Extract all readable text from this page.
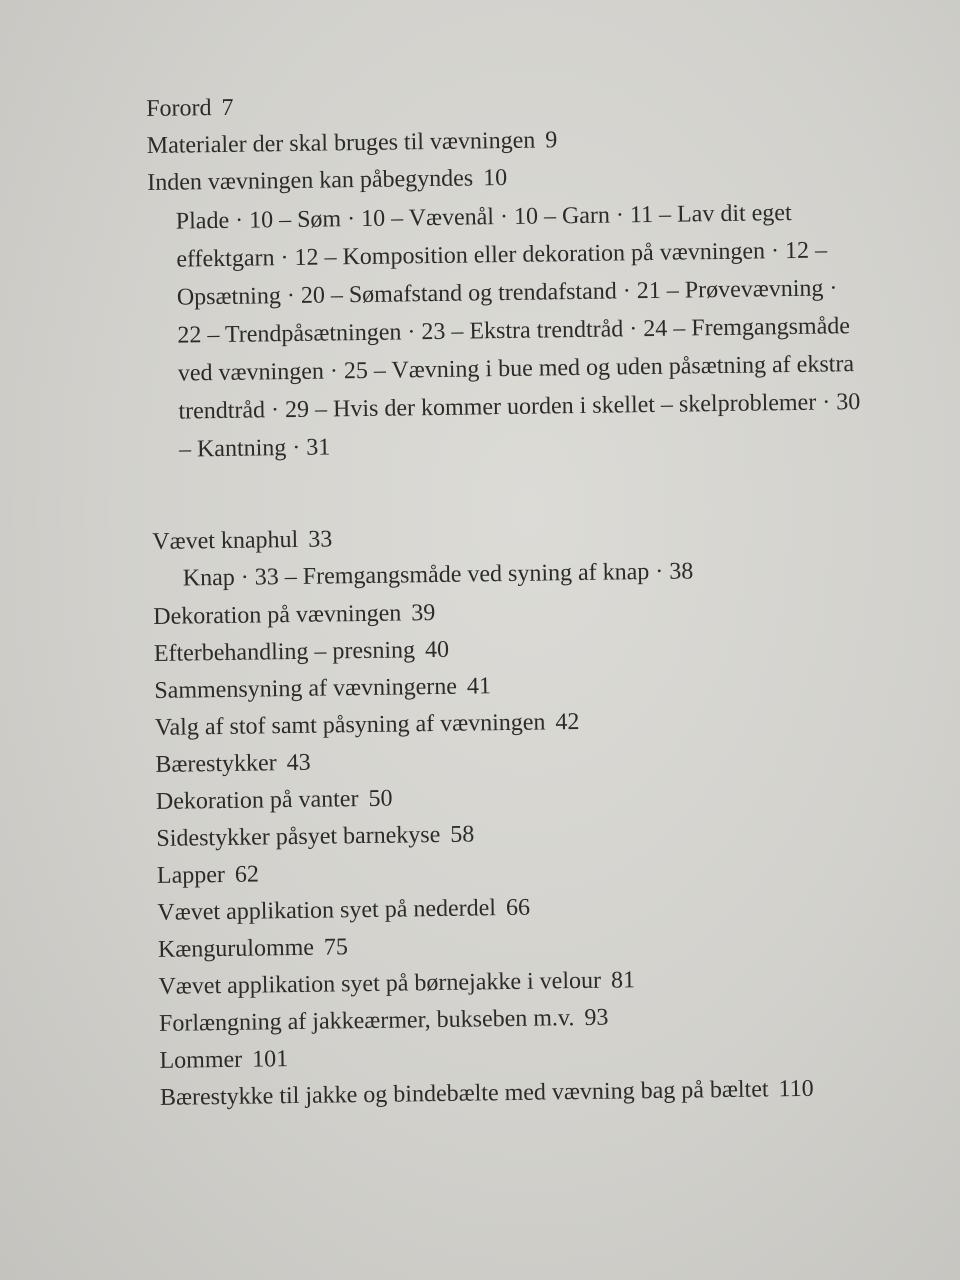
Forord 7

Materialer der skal bruges til vævningen 9

Inden vævningen kan påbegyndes 10

Plade · 10 – Søm · 10 – Vævenål · 10 – Garn · 11 – Lav dit eget effektgarn · 12 – Komposition eller dekoration på vævningen · 12 – Opsætning · 20 – Sømafstand og trendafstand · 21 – Prøvevævning · 22 – Trendpåsætningen · 23 – Ekstra trendtråd · 24 – Fremgangsmåde ved vævningen · 25 – Vævning i bue med og uden påsætning af ekstra trendtråd · 29 – Hvis der kommer uorden i skellet – skelproblemer · 30 – Kantning · 31

Vævet knaphul 33

Knap · 33 – Fremgangsmåde ved syning af knap · 38

Dekoration på vævningen 39

Efterbehandling – presning 40

Sammensyning af vævningerne 41

Valg af stof samt påsyning af vævningen 42

Bærestykker 43

Dekoration på vanter 50

Sidestykker påsyet barnekyse 58

Lapper 62

Vævet applikation syet på nederdel 66

Kængurulomme 75

Vævet applikation syet på børnejakke i velour 81

Forlængning af jakkeærmer, bukseben m.v. 93

Lommer 101

Bærestykke til jakke og bindebælte med vævning bag på bæltet 110
